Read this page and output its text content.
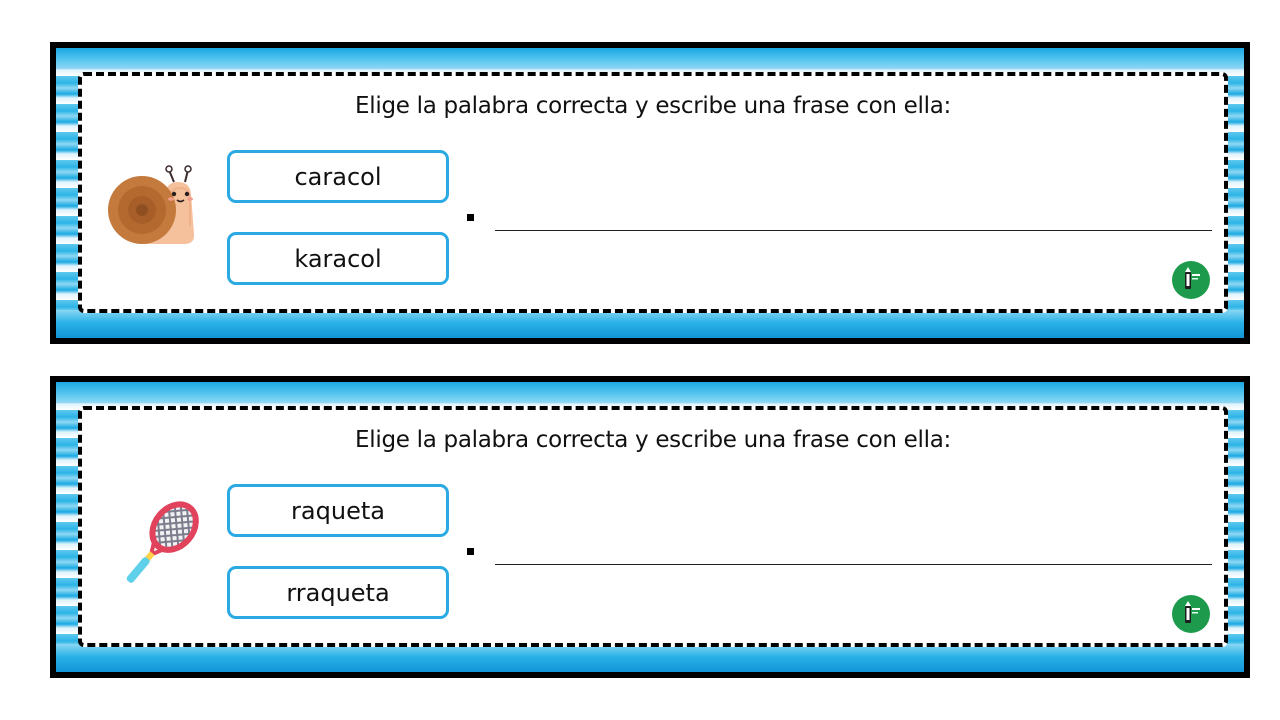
Elige la palabra correcta y escribe una frase con ella:
caracol
karacol
Elige la palabra correcta y escribe una frase con ella:
raqueta
rraqueta
